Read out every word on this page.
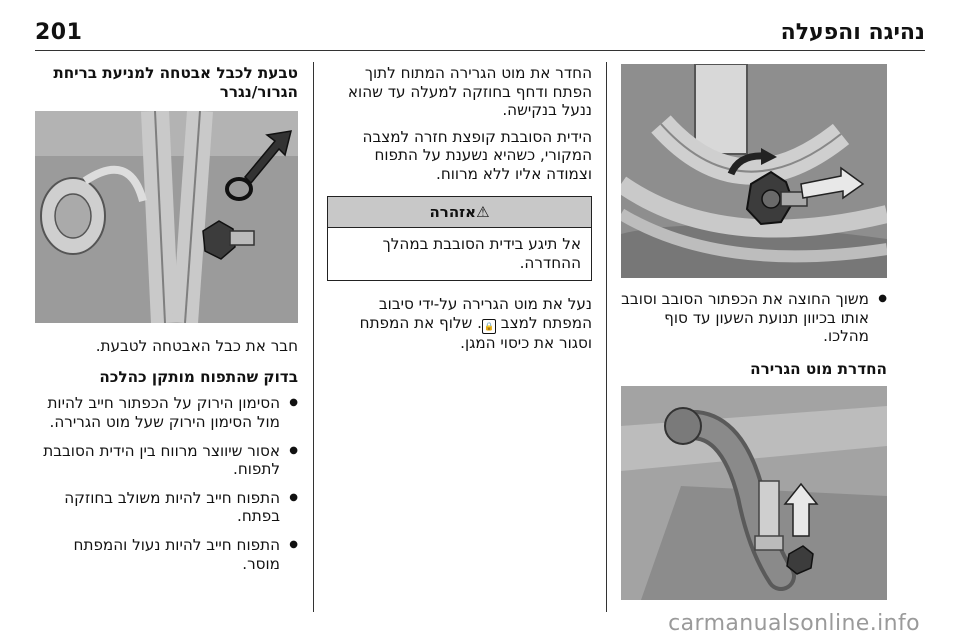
201	נהיגה והפעלה
● משוך החוצה את הכפתור הסובב וסובב אותו בכיוון תנועת השעון עד סוף מהלכו.
החדרת מוט הגרירה

החדר את מוט הגרירה המתוח לתוך הפתח ודחף בחוזקה למעלה עד שהוא ננעל בנקישה.

הידית הסובבת קופצת חזרה למצבה המקורי, כשהיא נשענת על התפוח וצמודה אליו ללא מרווח.

⚠אזהרה
אל תיגע בידית הסובבת במהלך ההחדרה.

נעל את מוט הגרירה על-ידי סיבוב המפתח למצב 🔒. שלוף את המפתח וסגור את כיסוי המגן.

טבעת לכבל אבטחה למניעת בריחת הגרור/נגרר

חבר את כבל האבטחה לטבעת.

בדוק שהתפוח מותקן כהלכה
● הסימון הירוק על הכפתור חייב להיות מול הסימון הירוק שעל מוט הגרירה.
● אסור שיווצר מרווח בין הידית הסובבת לתפוח.
● התפוח חייב להיות משולב בחוזקה בפתח.
● התפוח חייב להיות נעול והמפתח מוסר.
carmanualsonline.info
